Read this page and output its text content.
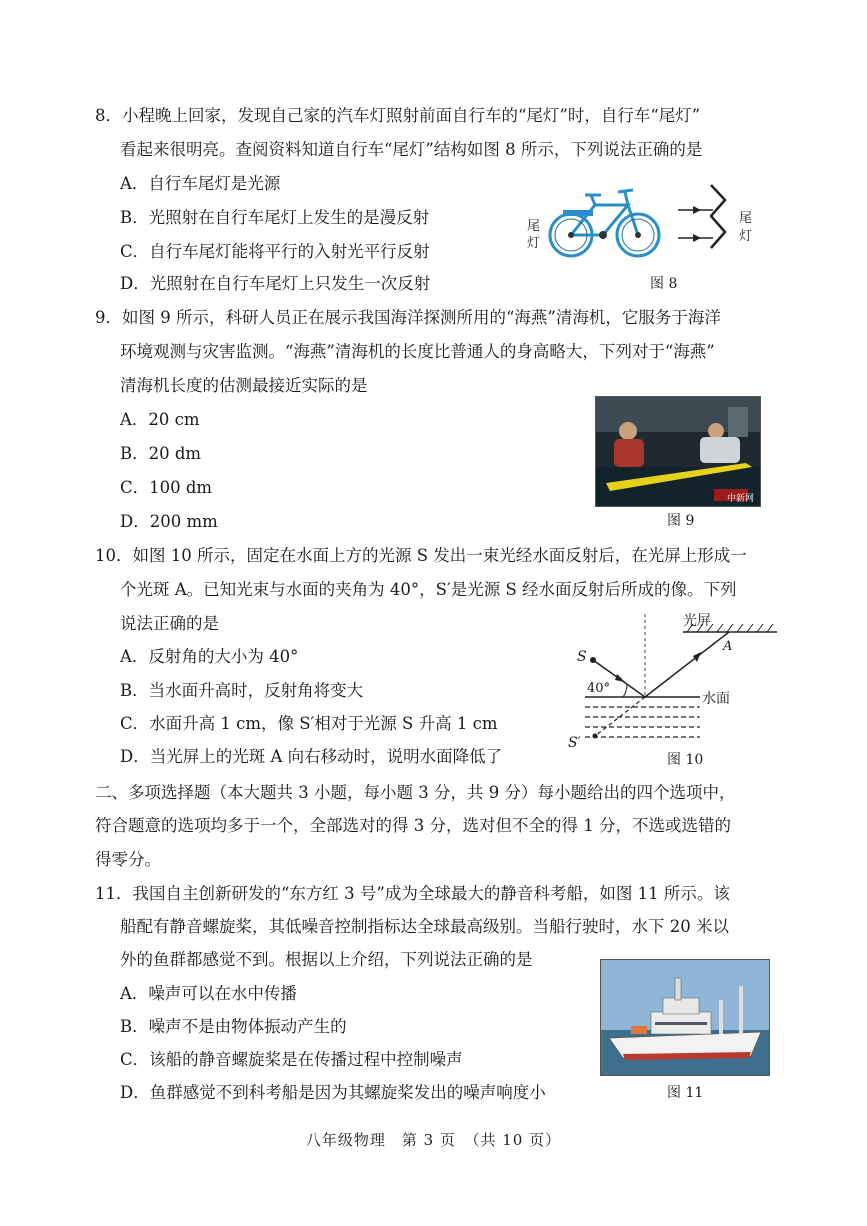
8．小程晚上回家，发现自己家的汽车灯照射前面自行车的“尾灯”时，自行车“尾灯”
看起来很明亮。查阅资料知道自行车“尾灯”结构如图 8 所示，下列说法正确的是
A．自行车尾灯是光源
B．光照射在自行车尾灯上发生的是漫反射
C．自行车尾灯能将平行的入射光平行反射
D．光照射在自行车尾灯上只发生一次反射
尾
灯
尾
灯
图 8
9．如图 9 所示，科研人员正在展示我国海洋探测所用的“海燕”清海机，它服务于海洋
环境观测与灾害监测。“海燕”清海机的长度比普通人的身高略大，下列对于“海燕”
清海机长度的估测最接近实际的是
A．20 cm
B．20 dm
C．100 dm
D．200 mm
中新网
图 9
10．如图 10 所示，固定在水面上方的光源 S 发出一束光经水面反射后，在光屏上形成一
个光斑 A。已知光束与水面的夹角为 40°，S′是光源 S 经水面反射后所成的像。下列
说法正确的是
A．反射角的大小为 40°
B．当水面升高时，反射角将变大
C．水面升高 1 cm，像 S′相对于光源 S 升高 1 cm
D．当光屏上的光斑 A 向右移动时，说明水面降低了
光屏
A
S
40°
水面
S′
图 10
二、多项选择题（本大题共 3 小题，每小题 3 分，共 9 分）每小题给出的四个选项中，
符合题意的选项均多于一个，全部选对的得 3 分，选对但不全的得 1 分，不选或选错的
得零分。
11．我国自主创新研发的“东方红 3 号”成为全球最大的静音科考船，如图 11 所示。该
船配有静音螺旋桨，其低噪音控制指标达全球最高级别。当船行驶时，水下 20 米以
外的鱼群都感觉不到。根据以上介绍，下列说法正确的是
A．噪声可以在水中传播
B．噪声不是由物体振动产生的
C．该船的静音螺旋桨是在传播过程中控制噪声
D．鱼群感觉不到科考船是因为其螺旋桨发出的噪声响度小	图 11
八年级物理　第 3 页　（共 10 页）
